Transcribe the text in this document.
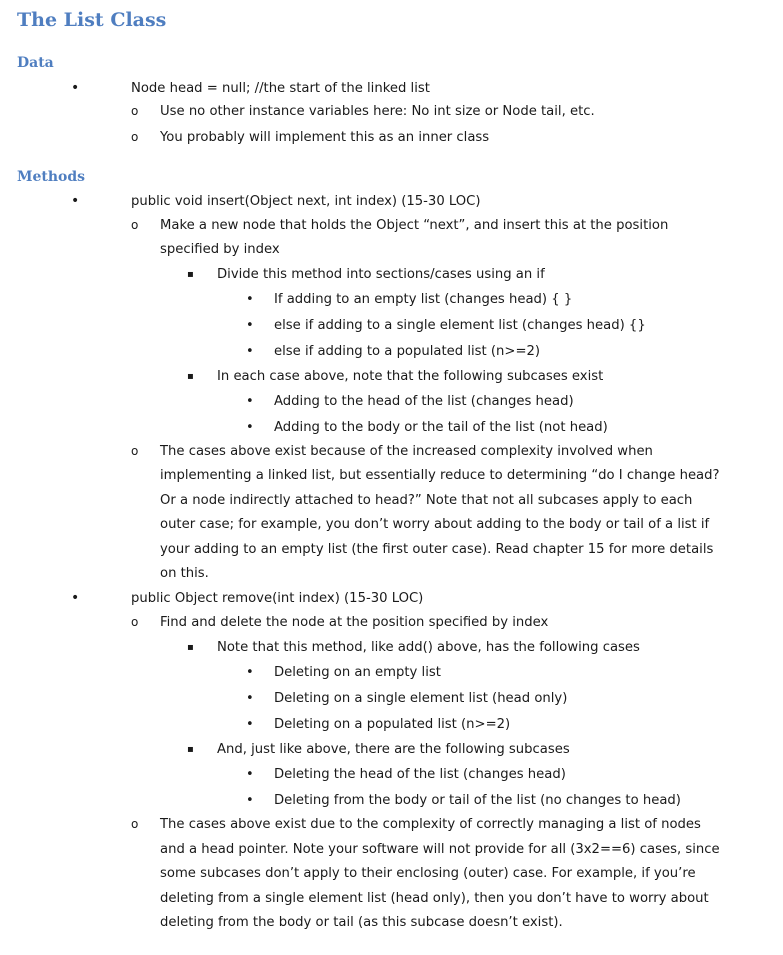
The List Class
Data
•	Node head = null; //the start of the linked list
o Use no other instance variables here: No int size or Node tail, etc.
o You probably will implement this as an inner class
Methods
•	public void insert(Object next, int index) (15-30 LOC)
o Make a new node that holds the Object “next”, and insert this at the position
specified by index
▪ Divide this method into sections/cases using an if
• If adding to an empty list (changes head) { }
• else if adding to a single element list (changes head) {}
• else if adding to a populated list (n>=2)
▪ In each case above, note that the following subcases exist
• Adding to the head of the list (changes head)
• Adding to the body or the tail of the list (not head)
o The cases above exist because of the increased complexity involved when
implementing a linked list, but essentially reduce to determining “do I change head?
Or a node indirectly attached to head?” Note that not all subcases apply to each
outer case; for example, you don’t worry about adding to the body or tail of a list if
your adding to an empty list (the first outer case). Read chapter 15 for more details
on this.
•	public Object remove(int index) (15-30 LOC)
o Find and delete the node at the position specified by index
▪ Note that this method, like add() above, has the following cases
• Deleting on an empty list
• Deleting on a single element list (head only)
• Deleting on a populated list (n>=2)
▪ And, just like above, there are the following subcases
• Deleting the head of the list (changes head)
• Deleting from the body or tail of the list (no changes to head)
o The cases above exist due to the complexity of correctly managing a list of nodes
and a head pointer. Note your software will not provide for all (3x2==6) cases, since
some subcases don’t apply to their enclosing (outer) case. For example, if you’re
deleting from a single element list (head only), then you don’t have to worry about
deleting from the body or tail (as this subcase doesn’t exist).
